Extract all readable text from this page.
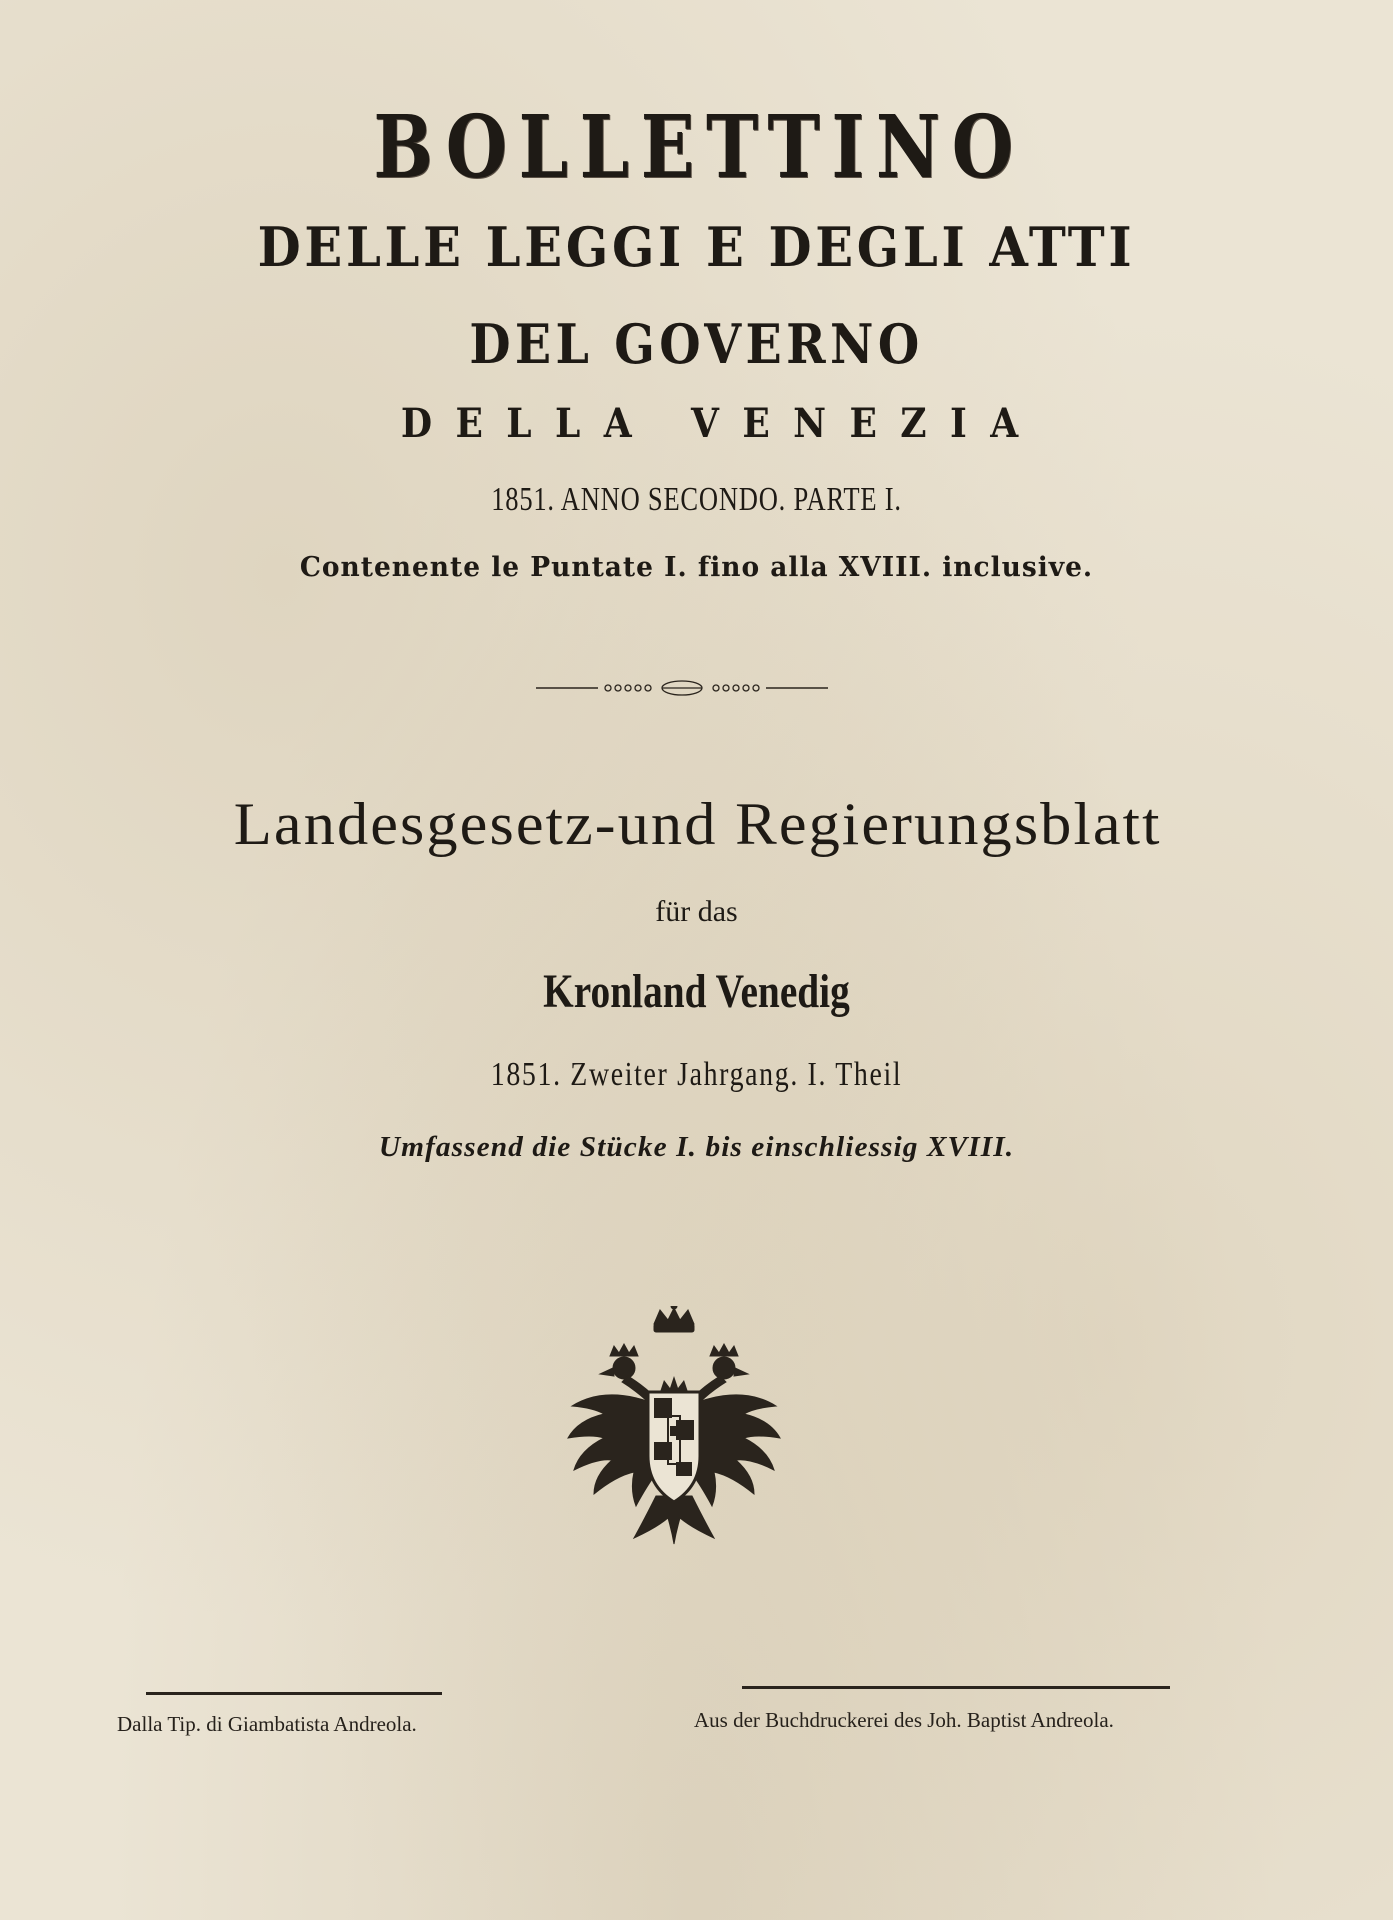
BOLLETTINO
DELLE LEGGI E DEGLI ATTI
DEL GOVERNO
DELLA VENEZIA
1851. ANNO SECONDO. PARTE I.
Contenente le Puntate I. fino alla XVIII. inclusive.
Landesgesetz-und Regierungsblatt
für das
Kronland Venedig
1851. Zweiter Jahrgang. I. Theil
Umfassend die Stücke I. bis einschliessig XVIII.
Dalla Tip. di Giambatista Andreola.	Aus der Buchdruckerei des Joh. Baptist Andreola.
